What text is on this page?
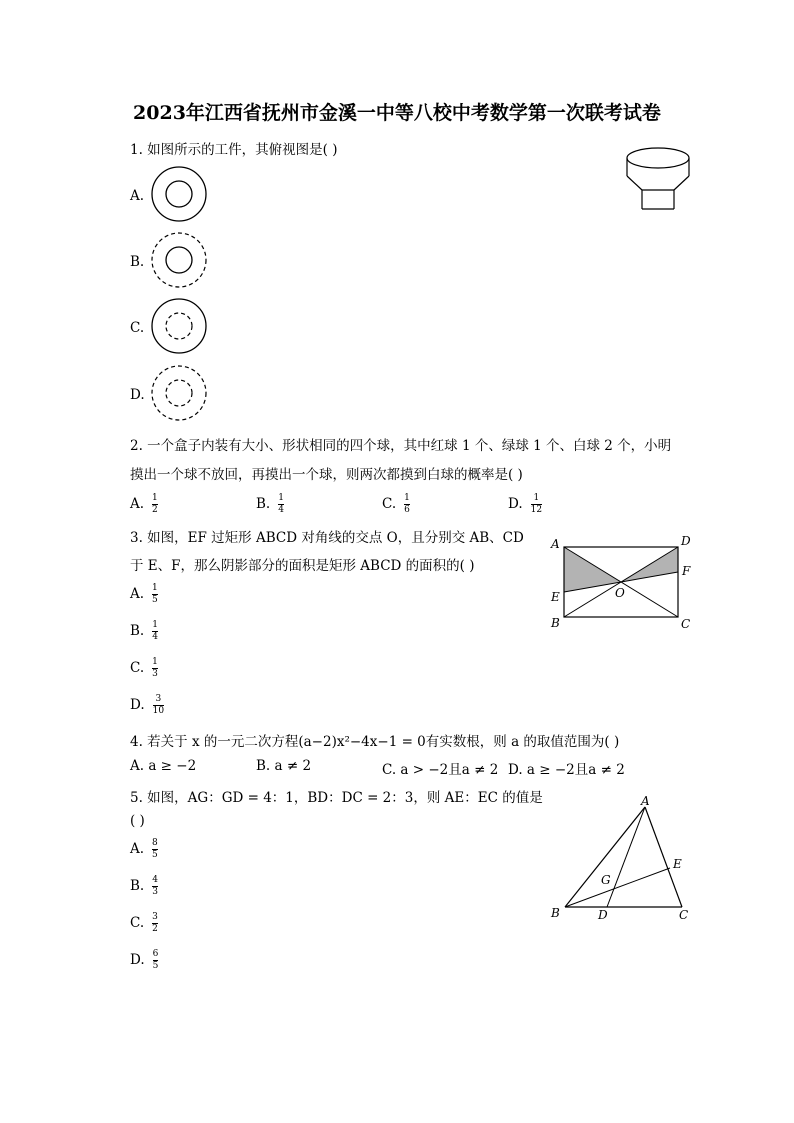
2023年江西省抚州市金溪一中等八校中考数学第一次联考试卷
1. 如图所示的工件，其俯视图是( )
A.
B.
C.
D.
2. 一个盒子内装有大小、形状相同的四个球，其中红球 1 个、绿球 1 个、白球 2 个，小明
摸出一个球不放回，再摸出一个球，则两次都摸到白球的概率是( )
A. $\frac{1}{2}$	B. $\frac{1}{4}$	C. $\frac{1}{6}$	D. $\frac{1}{12}$
3. 如图，EF 过矩形 ABCD 对角线的交点 O，且分别交 AB、CD
于 E、F，那么阴影部分的面积是矩形 ABCD 的面积的( )
A. $\frac{1}{5}$
B. $\frac{1}{4}$
C. $\frac{1}{3}$
D. $\frac{3}{10}$
A	D
F
O
E
B	C
4. 若关于 x 的一元二次方程(a−2)x²−4x−1 = 0有实数根，则 a 的取值范围为( )
A. a ≥ −2	B. a ≠ 2	C. a > −2且a ≠ 2 D. a ≥ −2且a ≠ 2
5. 如图，AG：GD = 4：1，BD：DC = 2：3，则 AE：EC 的值是
( )
A. $\frac{8}{5}$
B. $\frac{4}{3}$
C. $\frac{3}{2}$
D. $\frac{6}{5}$
A
E
G
B	D	C
